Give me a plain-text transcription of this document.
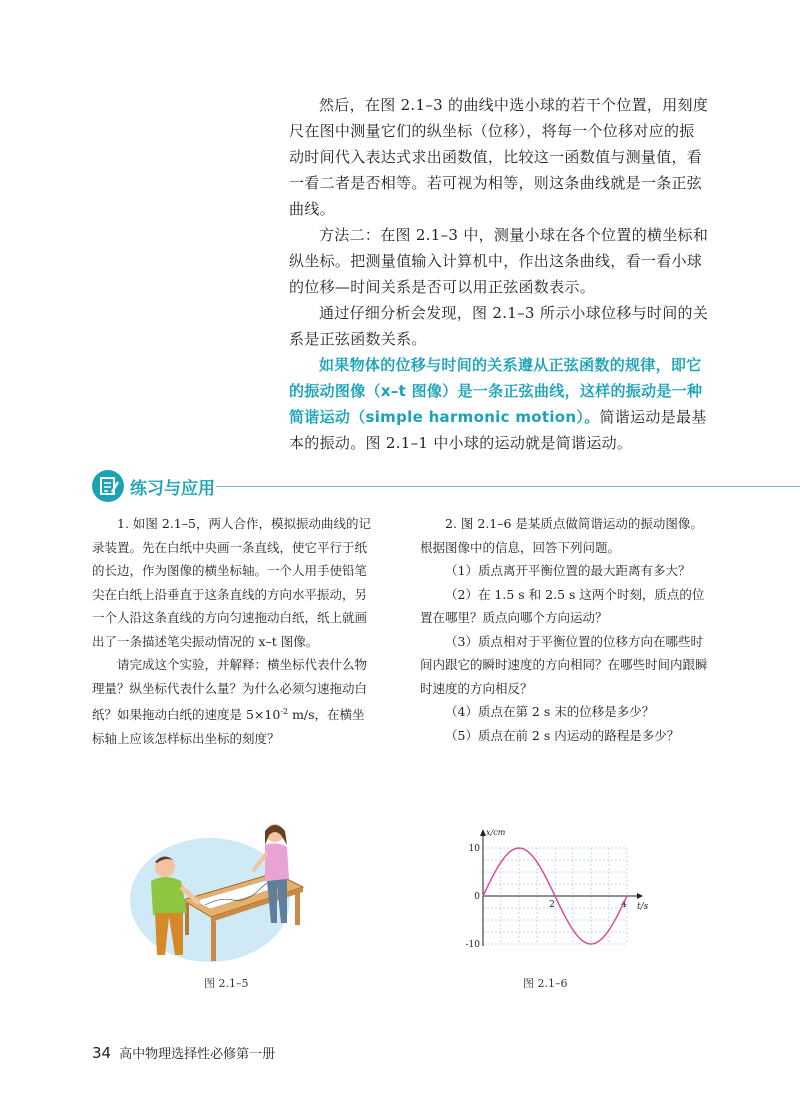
然后，在图 2.1–3 的曲线中选小球的若干个位置，用刻度尺在图中测量它们的纵坐标（位移），将每一个位移对应的振动时间代入表达式求出函数值，比较这一函数值与测量值，看一看二者是否相等。若可视为相等，则这条曲线就是一条正弦曲线。

方法二：在图 2.1–3 中，测量小球在各个位置的横坐标和纵坐标。把测量值输入计算机中，作出这条曲线，看一看小球的位移—时间关系是否可以用正弦函数表示。

通过仔细分析会发现，图 2.1–3 所示小球位移与时间的关系是正弦函数关系。

如果物体的位移与时间的关系遵从正弦函数的规律，即它的振动图像（x–t 图像）是一条正弦曲线，这样的振动是一种简谐运动（simple harmonic motion）。简谐运动是最基本的振动。图 2.1–1 中小球的运动就是简谐运动。

练习与应用

1. 如图 2.1–5，两人合作，模拟振动曲线的记录装置。先在白纸中央画一条直线，使它平行于纸的长边，作为图像的横坐标轴。一个人用手使铅笔尖在白纸上沿垂直于这条直线的方向水平振动，另一个人沿这条直线的方向匀速拖动白纸，纸上就画出了一条描述笔尖振动情况的 x–t 图像。

请完成这个实验，并解释：横坐标代表什么物理量？纵坐标代表什么量？为什么必须匀速拖动白纸？如果拖动白纸的速度是 $5\times 10^{-2}$ m/s，在横坐标轴上应该怎样标出坐标的刻度？

2. 图 2.1–6 是某质点做简谐运动的振动图像。根据图像中的信息，回答下列问题。

（1）质点离开平衡位置的最大距离有多大？

（2）在 1.5 s 和 2.5 s 这两个时刻，质点的位置在哪里？质点向哪个方向运动？

（3）质点相对于平衡位置的位移方向在哪些时间内跟它的瞬时速度的方向相同？在哪些时间内跟瞬时速度的方向相反？

（4）质点在第 2 s 末的位移是多少？

（5）质点在前 2 s 内运动的路程是多少？

图 2.1–5
x/cm
t/s
10
0
-10
2	4
图 2.1–6
34 高中物理选择性必修第一册
